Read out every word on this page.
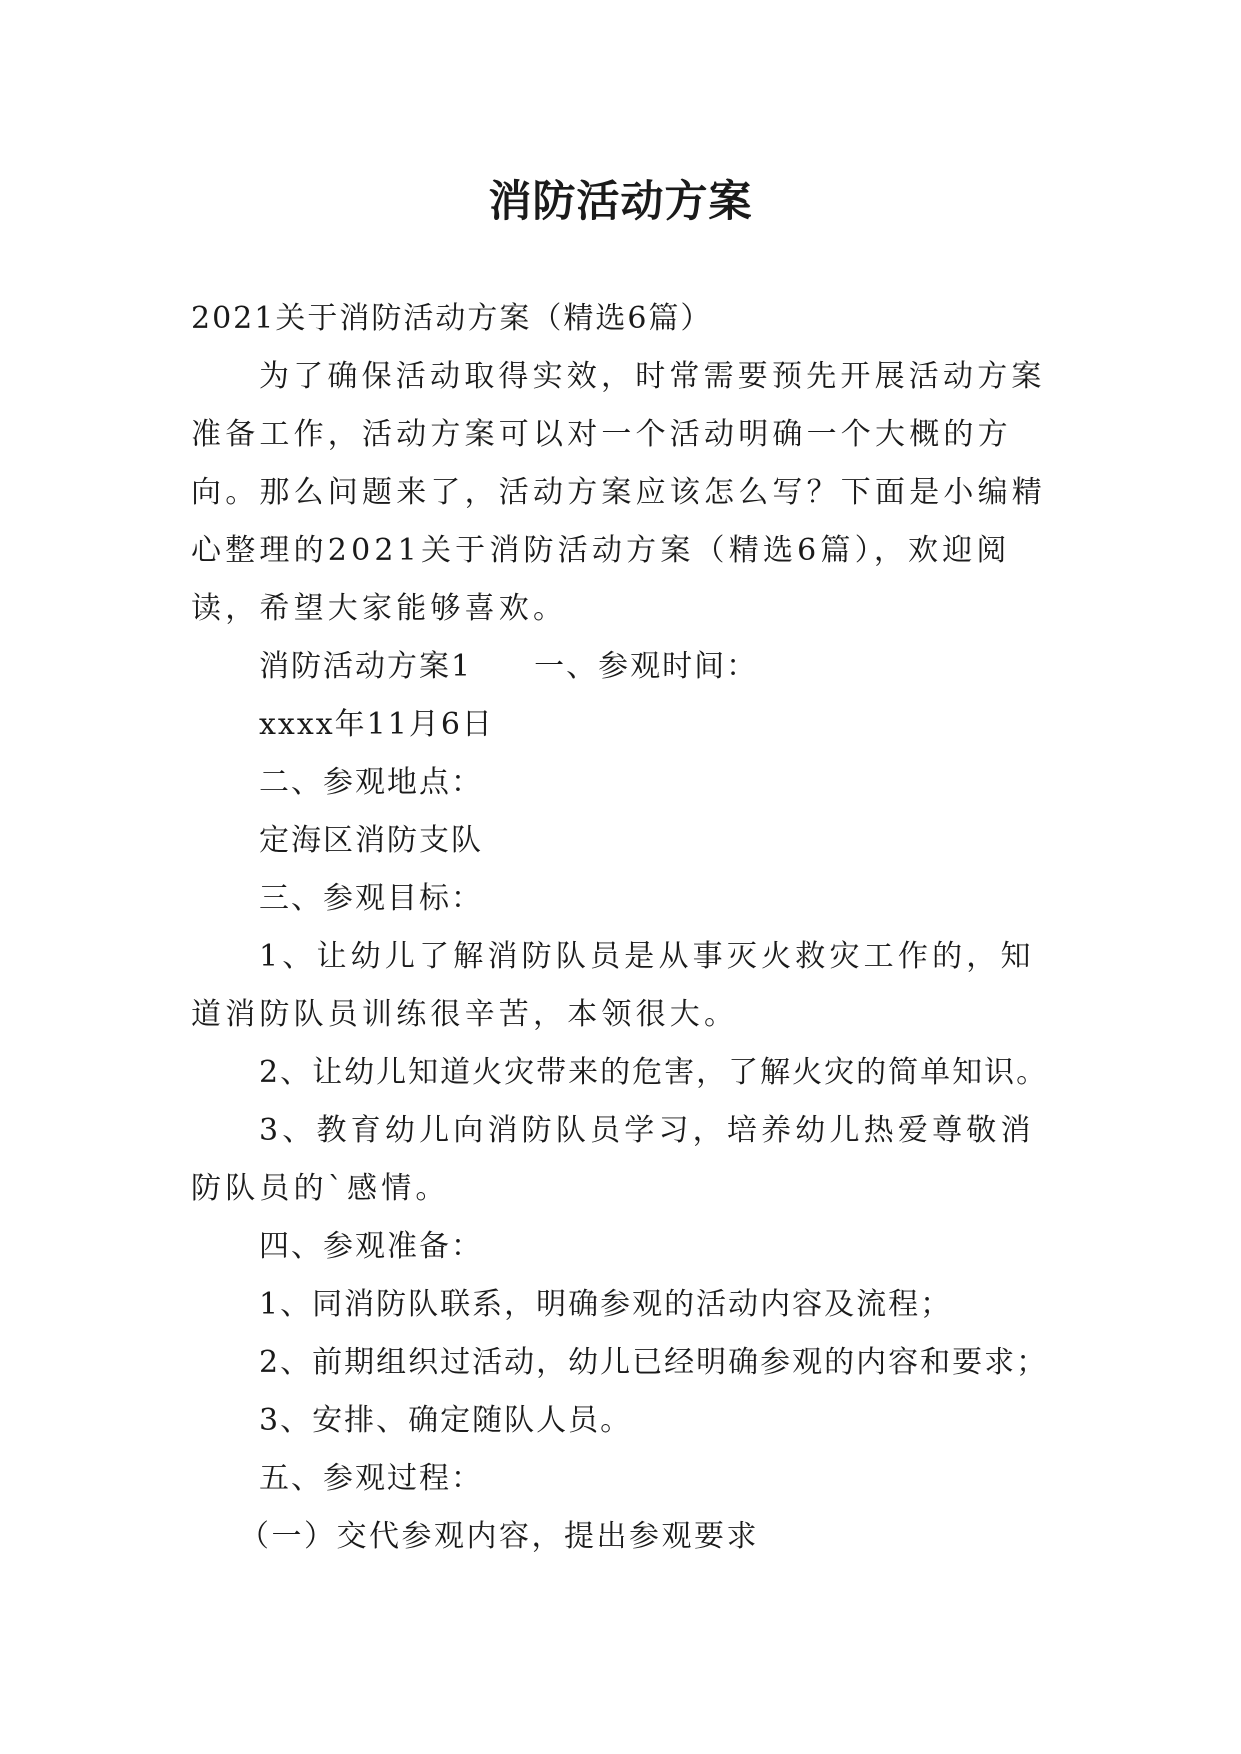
消防活动方案

2021关于消防活动方案（精选6篇）

为了确保活动取得实效，时常需要预先开展活动方案准备工作，活动方案可以对一个活动明确一个大概的方向。那么问题来了，活动方案应该怎么写？下面是小编精心整理的2021关于消防活动方案（精选6篇），欢迎阅读，希望大家能够喜欢。

消防活动方案1 一、参观时间：

xxxx年11月6日

二、参观地点：

定海区消防支队

三、参观目标：

1、让幼儿了解消防队员是从事灭火救灾工作的，知道消防队员训练很辛苦，本领很大。

2、让幼儿知道火灾带来的危害，了解火灾的简单知识。

3、教育幼儿向消防队员学习，培养幼儿热爱尊敬消防队员的`感情。

四、参观准备：

1、同消防队联系，明确参观的活动内容及流程；

2、前期组织过活动，幼儿已经明确参观的内容和要求；

3、安排、确定随队人员。

五、参观过程：

（一）交代参观内容，提出参观要求
